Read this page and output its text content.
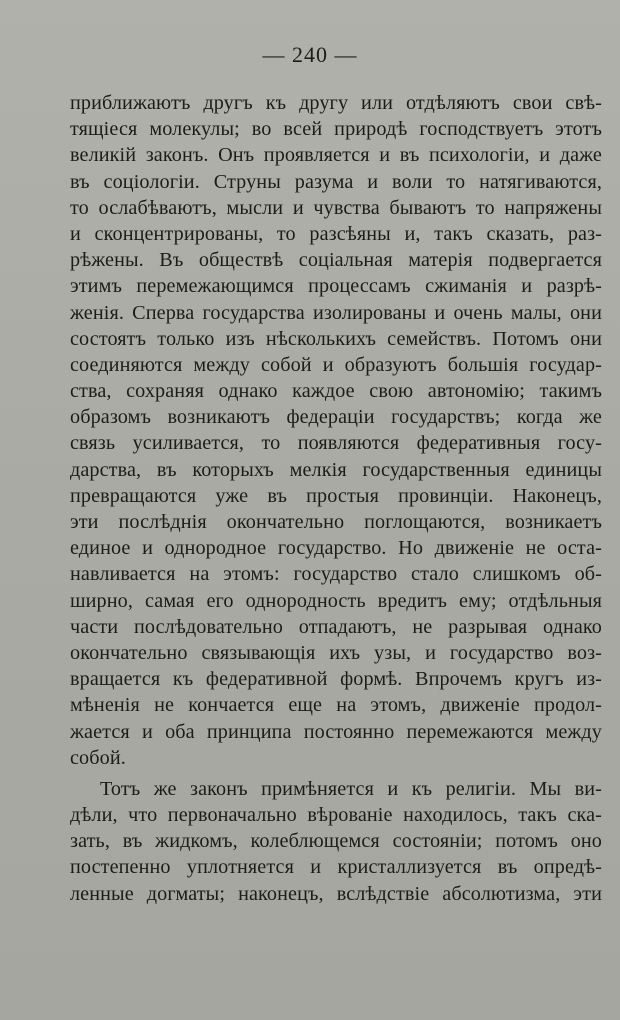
— 240 —
приближаютъ другъ къ другу или отдѣляютъ свои свѣ-
тящіеся молекулы; во всей природѣ господствуетъ этотъ
великій законъ. Онъ проявляется и въ психологіи, и даже
въ соціологіи. Струны разума и воли то натягиваются,
то ослабѣваютъ, мысли и чувства бываютъ то напряжены
и сконцентрированы, то разсѣяны и, такъ сказать, раз-
рѣжены. Въ обществѣ соціальная матерія подвергается
этимъ перемежающимся процессамъ сжиманія и разрѣ-
женія. Сперва государства изолированы и очень малы, они
состоятъ только изъ нѣсколькихъ семействъ. Потомъ они
соединяются между собой и образуютъ большія государ-
ства, сохраняя однако каждое свою автономію; такимъ
образомъ возникаютъ федераціи государствъ; когда же
связь усиливается, то появляются федеративныя госу-
дарства, въ которыхъ мелкія государственныя единицы
превращаются уже въ простыя провинціи. Наконецъ,
эти послѣднія окончательно поглощаются, возникаетъ
единое и однородное государство. Но движеніе не оста-
навливается на этомъ: государство стало слишкомъ об-
ширно, самая его однородность вредитъ ему; отдѣльныя
части послѣдовательно отпадаютъ, не разрывая однако
окончательно связывающія ихъ узы, и государство воз-
вращается къ федеративной формѣ. Впрочемъ кругъ из-
мѣненія не кончается еще на этомъ, движеніе продол-
жается и оба принципа постоянно перемежаются между
собой.
Тотъ же законъ примѣняется и къ религіи. Мы ви-
дѣли, что первоначально вѣрованіе находилось, такъ ска-
зать, въ жидкомъ, колеблющемся состояніи; потомъ оно
постепенно уплотняется и кристаллизуется въ опредѣ-
ленные догматы; наконецъ, вслѣдствіе абсолютизма, эти
